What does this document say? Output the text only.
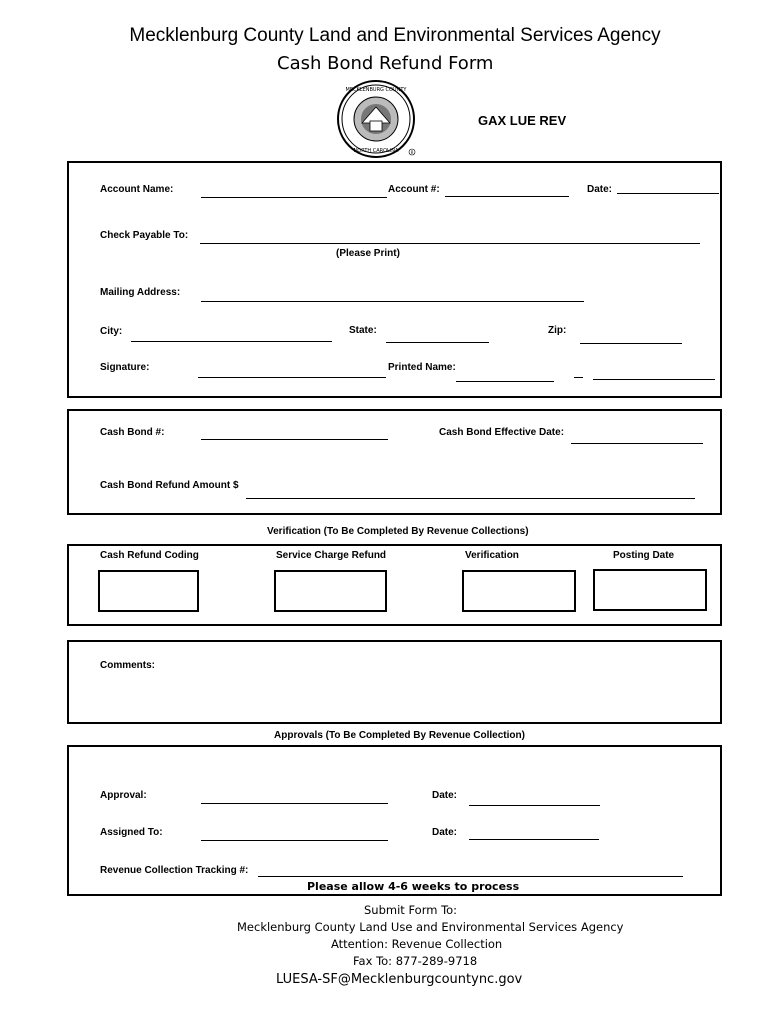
Mecklenburg County Land and Environmental Services Agency
Cash Bond Refund Form
MECKLENBURG COUNTY
NORTH CAROLINA	R
GAX LUE REV
Account Name:	Account #:	Date:
Check Payable To:
(Please Print)
Mailing Address:
City:	State:	Zip:
Signature:	Printed Name:
Cash Bond #:	Cash Bond Effective Date:
Cash Bond Refund Amount $
Verification (To Be Completed By Revenue Collections)
Cash Refund Coding	Service Charge Refund	Verification	Posting Date
Comments:
Approvals (To Be Completed By Revenue Collection)
Approval:	Date:
Assigned To:	Date:
Revenue Collection Tracking #:
Please allow 4-6 weeks to process
Submit Form To:
Mecklenburg County Land Use and Environmental Services Agency
Attention: Revenue Collection
Fax To: 877-289-9718
LUESA-SF@Mecklenburgcountync.gov
